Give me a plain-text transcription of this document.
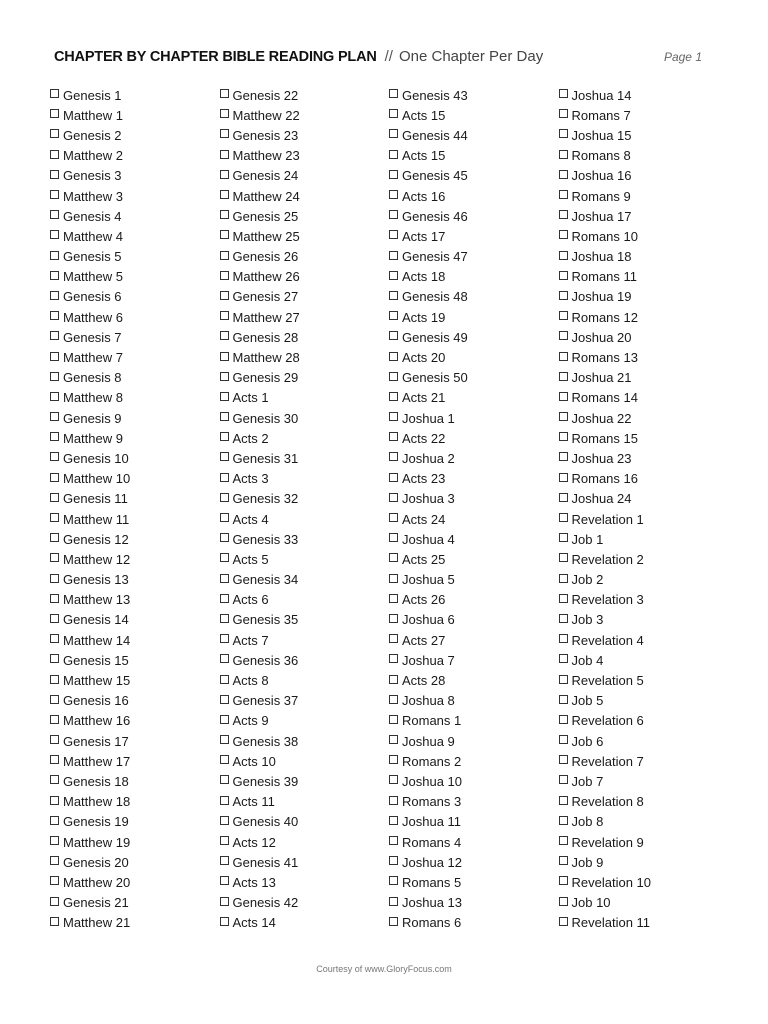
CHAPTER BY CHAPTER BIBLE READING PLAN // One Chapter Per Day	Page 1
Genesis 1
Matthew 1
Genesis 2
Matthew 2
Genesis 3
Matthew 3
Genesis 4
Matthew 4
Genesis 5
Matthew 5
Genesis 6
Matthew 6
Genesis 7
Matthew 7
Genesis 8
Matthew 8
Genesis 9
Matthew 9
Genesis 10
Matthew 10
Genesis 11
Matthew 11
Genesis 12
Matthew 12
Genesis 13
Matthew 13
Genesis 14
Matthew 14
Genesis 15
Matthew 15
Genesis 16
Matthew 16
Genesis 17
Matthew 17
Genesis 18
Matthew 18
Genesis 19
Matthew 19
Genesis 20
Matthew 20
Genesis 21
Matthew 21
Genesis 22
Matthew 22
Genesis 23
Matthew 23
Genesis 24
Matthew 24
Genesis 25
Matthew 25
Genesis 26
Matthew 26
Genesis 27
Matthew 27
Genesis 28
Matthew 28
Genesis 29
Acts 1
Genesis 30
Acts 2
Genesis 31
Acts 3
Genesis 32
Acts 4
Genesis 33
Acts 5
Genesis 34
Acts 6
Genesis 35
Acts 7
Genesis 36
Acts 8
Genesis 37
Acts 9
Genesis 38
Acts 10
Genesis 39
Acts 11
Genesis 40
Acts 12
Genesis 41
Acts 13
Genesis 42
Acts 14
Genesis 43
Acts 15
Genesis 44
Acts 15
Genesis 45
Acts 16
Genesis 46
Acts 17
Genesis 47
Acts 18
Genesis 48
Acts 19
Genesis 49
Acts 20
Genesis 50
Acts 21
Joshua 1
Acts 22
Joshua 2
Acts 23
Joshua 3
Acts 24
Joshua 4
Acts 25
Joshua 5
Acts 26
Joshua 6
Acts 27
Joshua 7
Acts 28
Joshua 8
Romans 1
Joshua 9
Romans 2
Joshua 10
Romans 3
Joshua 11
Romans 4
Joshua 12
Romans 5
Joshua 13
Romans 6
Joshua 14
Romans 7
Joshua 15
Romans 8
Joshua 16
Romans 9
Joshua 17
Romans 10
Joshua 18
Romans 11
Joshua 19
Romans 12
Joshua 20
Romans 13
Joshua 21
Romans 14
Joshua 22
Romans 15
Joshua 23
Romans 16
Joshua 24
Revelation 1
Job 1
Revelation 2
Job 2
Revelation 3
Job 3
Revelation 4
Job 4
Revelation 5
Job 5
Revelation 6
Job 6
Revelation 7
Job 7
Revelation 8
Job 8
Revelation 9
Job 9
Revelation 10
Job 10
Revelation 11
Courtesy of www.GloryFocus.com
